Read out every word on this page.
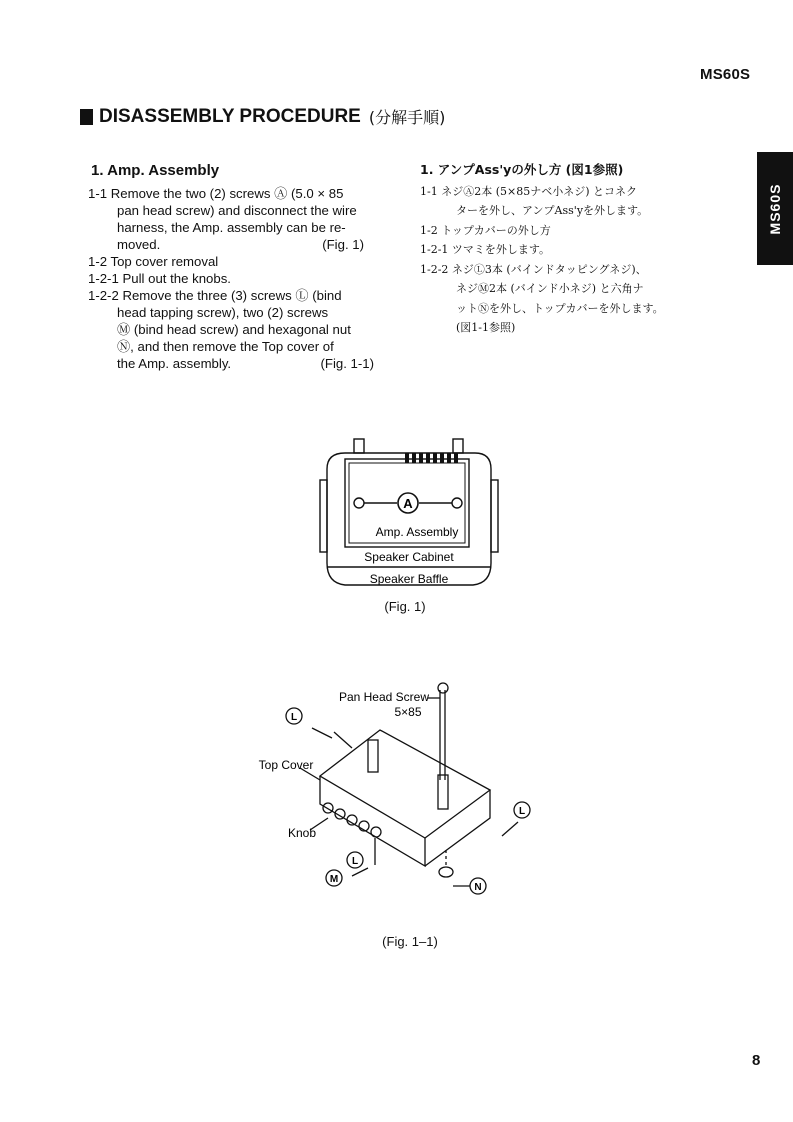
MS60S
MS60S
DISASSEMBLY PROCEDURE (分解手順)
1. Amp. Assembly
1-1 Remove the two (2) screws Ⓐ (5.0 × 85
pan head screw) and disconnect the wire
harness, the Amp. assembly can be re-
moved.	(Fig. 1)
1-2 Top cover removal
1-2-1 Pull out the knobs.
1-2-2 Remove the three (3) screws Ⓛ (bind
head tapping screw), two (2) screws
Ⓜ (bind head screw) and hexagonal nut
Ⓝ, and then remove the Top cover of
the Amp. assembly.	(Fig. 1-1)
1. アンプAss'yの外し方 (図1参照)
1-1 ネジⒶ2本 (5×85ナベ小ネジ) とコネク
ターを外し、アンプAss'yを外します。
1-2 トップカバーの外し方
1-2-1 ツマミを外します。
1-2-2 ネジⓁ3本 (バインドタッピングネジ)、
ネジⓂ2本 (バインド小ネジ) と六角ナ
ットⓃを外し、トップカバーを外します。
(図1-1参照)
A
Amp. Assembly
Speaker Cabinet
Speaker Baffle
(Fig. 1)
Pan Head Screw
5×85
Top Cover
Knob
L
L
L
M
N
(Fig. 1–1)
8
